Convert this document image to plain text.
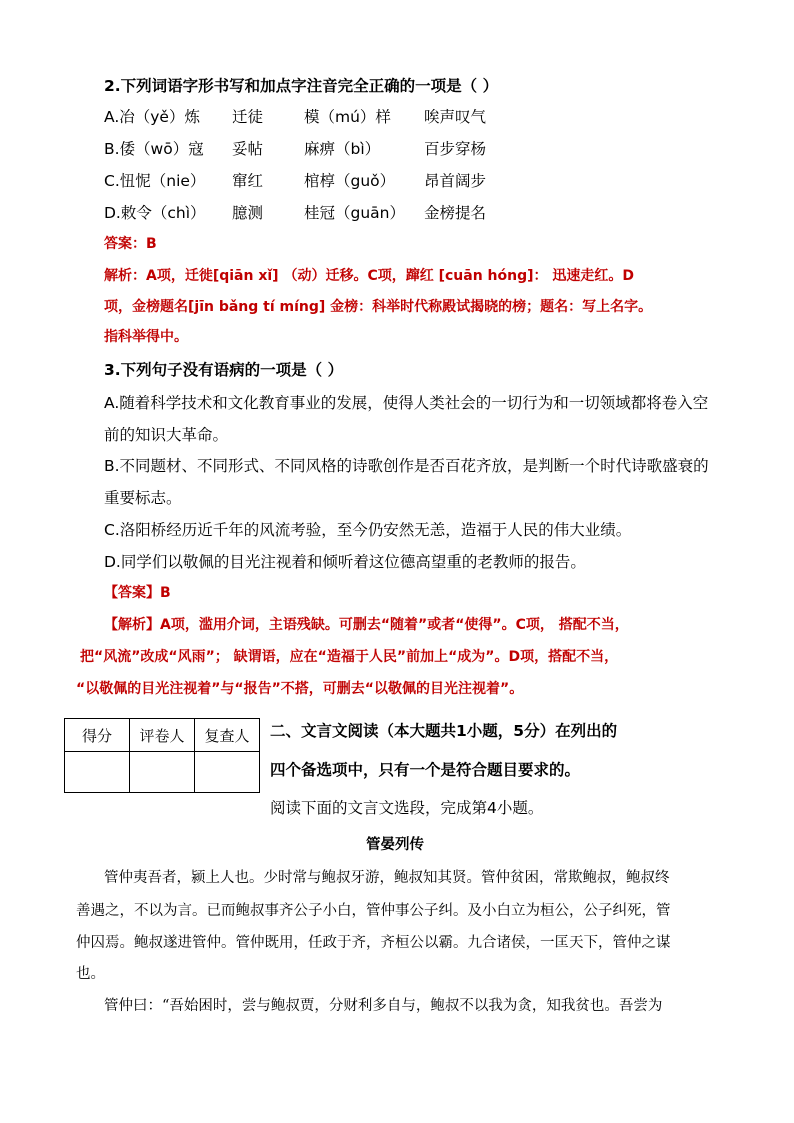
2.下列词语字形书写和加点字注音完全正确的一项是（ ）
A.冶（yě）炼 迁徒	模（mú）样 唉声叹气
B.倭（wō）寇 妥帖	麻痹（bì）	百步穿杨
C.忸怩（nie） 窜红	棺椁（guǒ） 昂首阔步
D.敕令（chì） 臆测	桂冠（guān） 金榜提名
答案：B
解析：A项，迁徙[qiān xǐ] （动）迁移。C项，蹿红 [cuān hóng]： 迅速走红。D
项，金榜题名[jīn bǎng tí míng] 金榜：科举时代称殿试揭晓的榜；题名：写上名字。
指科举得中。
3.下列句子没有语病的一项是（ ）
A.随着科学技术和文化教育事业的发展，使得人类社会的一切行为和一切领域都将卷入空
前的知识大革命。
B.不同题材、不同形式、不同风格的诗歌创作是否百花齐放，是判断一个时代诗歌盛衰的
重要标志。
C.洛阳桥经历近千年的风流考验，至今仍安然无恙，造福于人民的伟大业绩。
D.同学们以敬佩的目光注视着和倾听着这位德高望重的老教师的报告。
【答案】B
【解析】A项，滥用介词，主语残缺。可删去“随着”或者“使得”。C项， 搭配不当，
把“风流”改成“风雨”； 缺谓语，应在“造福于人民”前加上“成为”。D项，搭配不当，
“以敬佩的目光注视着”与“报告”不搭，可删去“以敬佩的目光注视着”。
得分	评卷人	复查人
		二、文言文阅读（本大题共1小题，5分）在列出的
四个备选项中，只有一个是符合题目要求的。
阅读下面的文言文选段，完成第4小题。
管晏列传
管仲夷吾者，颍上人也。少时常与鲍叔牙游，鲍叔知其贤。管仲贫困，常欺鲍叔，鲍叔终
善遇之，不以为言。已而鲍叔事齐公子小白，管仲事公子纠。及小白立为桓公，公子纠死，管
仲囚焉。鲍叔遂进管仲。管仲既用，任政于齐，齐桓公以霸。九合诸侯，一匡天下，管仲之谋
也。
管仲曰：“吾始困时，尝与鲍叔贾，分财利多自与，鲍叔不以我为贪，知我贫也。吾尝为
